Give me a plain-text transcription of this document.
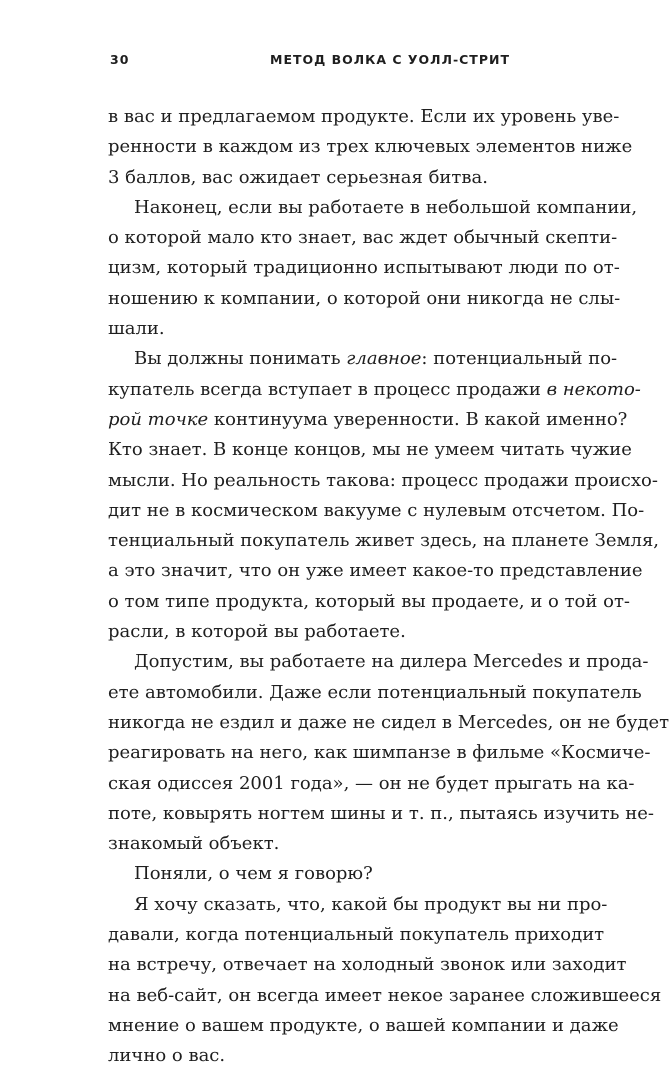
30	МЕТОД ВОЛКА С УОЛЛ-СТРИТ
в вас и предлагаемом продукте. Если их уровень уве-
ренности в каждом из трех ключевых элементов ниже
3 баллов, вас ожидает серьезная битва.
Наконец, если вы работаете в небольшой компании,
о которой мало кто знает, вас ждет обычный скепти-
цизм, который традиционно испытывают люди по от-
ношению к компании, о которой они никогда не слы-
шали.
Вы должны понимать главное: потенциальный по-
купатель всегда вступает в процесс продажи в некото-
рой точке континуума уверенности. В какой именно?
Кто знает. В конце концов, мы не умеем читать чужие
мысли. Но реальность такова: процесс продажи происхо-
дит не в космическом вакууме с нулевым отсчетом. По-
тенциальный покупатель живет здесь, на планете Земля,
а это значит, что он уже имеет какое-то представление
о том типе продукта, который вы продаете, и о той от-
расли, в которой вы работаете.
Допустим, вы работаете на дилера Mercedes и прода-
ете автомобили. Даже если потенциальный покупатель
никогда не ездил и даже не сидел в Mercedes, он не будет
реагировать на него, как шимпанзе в фильме «Космиче-
ская одиссея 2001 года», — он не будет прыгать на ка-
поте, ковырять ногтем шины и т. п., пытаясь изучить не-
знакомый объект.
Поняли, о чем я говорю?
Я хочу сказать, что, какой бы продукт вы ни про-
давали, когда потенциальный покупатель приходит
на встречу, отвечает на холодный звонок или заходит
на веб-сайт, он всегда имеет некое заранее сложившееся
мнение о вашем продукте, о вашей компании и даже
лично о вас.
